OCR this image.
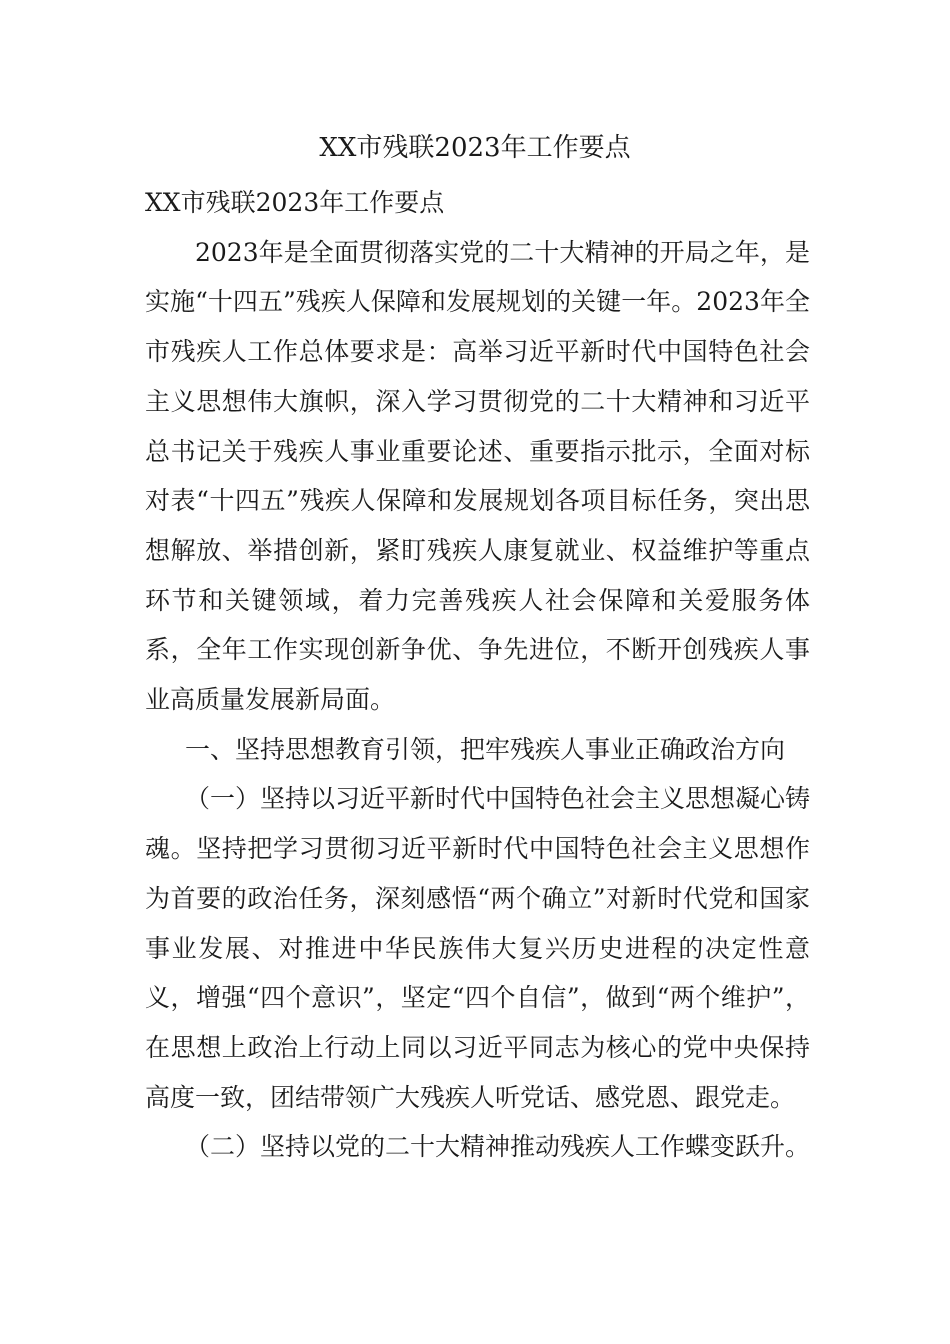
XX市残联2023年工作要点

XX市残联2023年工作要点

2023年是全面贯彻落实党的二十大精神的开局之年，是实施“十四五”残疾人保障和发展规划的关键一年。2023年全市残疾人工作总体要求是：高举习近平新时代中国特色社会主义思想伟大旗帜，深入学习贯彻党的二十大精神和习近平总书记关于残疾人事业重要论述、重要指示批示，全面对标对表“十四五”残疾人保障和发展规划各项目标任务，突出思想解放、举措创新，紧盯残疾人康复就业、权益维护等重点环节和关键领域，着力完善残疾人社会保障和关爱服务体系，全年工作实现创新争优、争先进位，不断开创残疾人事业高质量发展新局面。

一、坚持思想教育引领，把牢残疾人事业正确政治方向

（一）坚持以习近平新时代中国特色社会主义思想凝心铸魂。坚持把学习贯彻习近平新时代中国特色社会主义思想作为首要的政治任务，深刻感悟“两个确立”对新时代党和国家事业发展、对推进中华民族伟大复兴历史进程的决定性意义，增强“四个意识”，坚定“四个自信”，做到“两个维护”，在思想上政治上行动上同以习近平同志为核心的党中央保持高度一致，团结带领广大残疾人听党话、感党恩、跟党走。

（二）坚持以党的二十大精神推动残疾人工作蝶变跃升。
